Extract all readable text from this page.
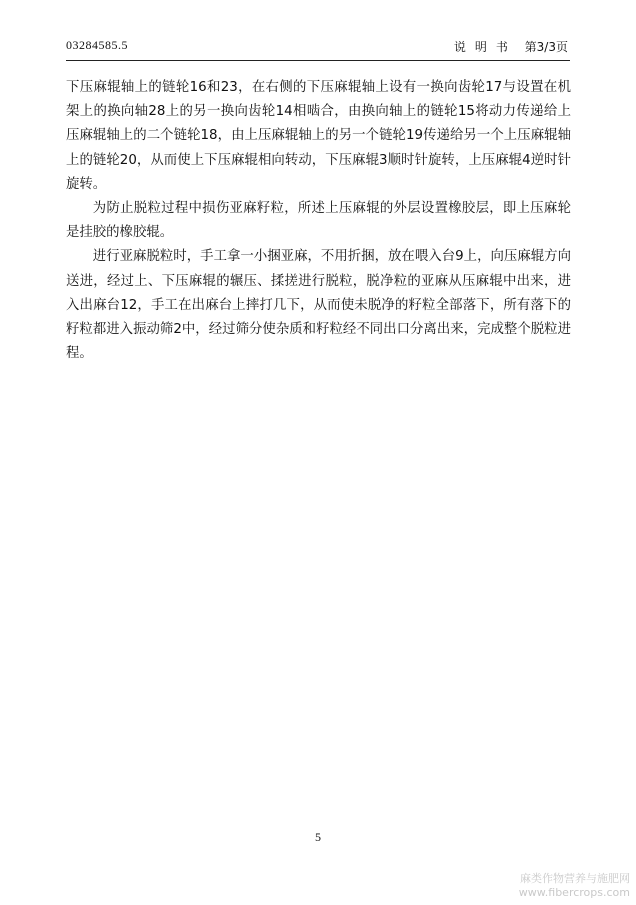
03284585.5	说明书 第3/3页

下压麻辊轴上的链轮16和23，在右侧的下压麻辊轴上设有一换向齿轮17与设置在机架上的换向轴28上的另一换向齿轮14相啮合，由换向轴上的链轮15将动力传递给上压麻辊轴上的二个链轮18，由上压麻辊轴上的另一个链轮19传递给另一个上压麻辊轴上的链轮20，从而使上下压麻辊相向转动，下压麻辊3顺时针旋转，上压麻辊4逆时针旋转。

为防止脱粒过程中损伤亚麻籽粒，所述上压麻辊的外层设置橡胶层，即上压麻轮是挂胶的橡胶辊。

进行亚麻脱粒时，手工拿一小捆亚麻，不用折捆，放在喂入台9上，向压麻辊方向送进，经过上、下压麻辊的辗压、揉搓进行脱粒，脱净粒的亚麻从压麻辊中出来，进入出麻台12，手工在出麻台上摔打几下，从而使未脱净的籽粒全部落下，所有落下的籽粒都进入振动筛2中，经过筛分使杂质和籽粒经不同出口分离出来，完成整个脱粒进程。

5
麻类作物营养与施肥网
www.fibercrops.com
